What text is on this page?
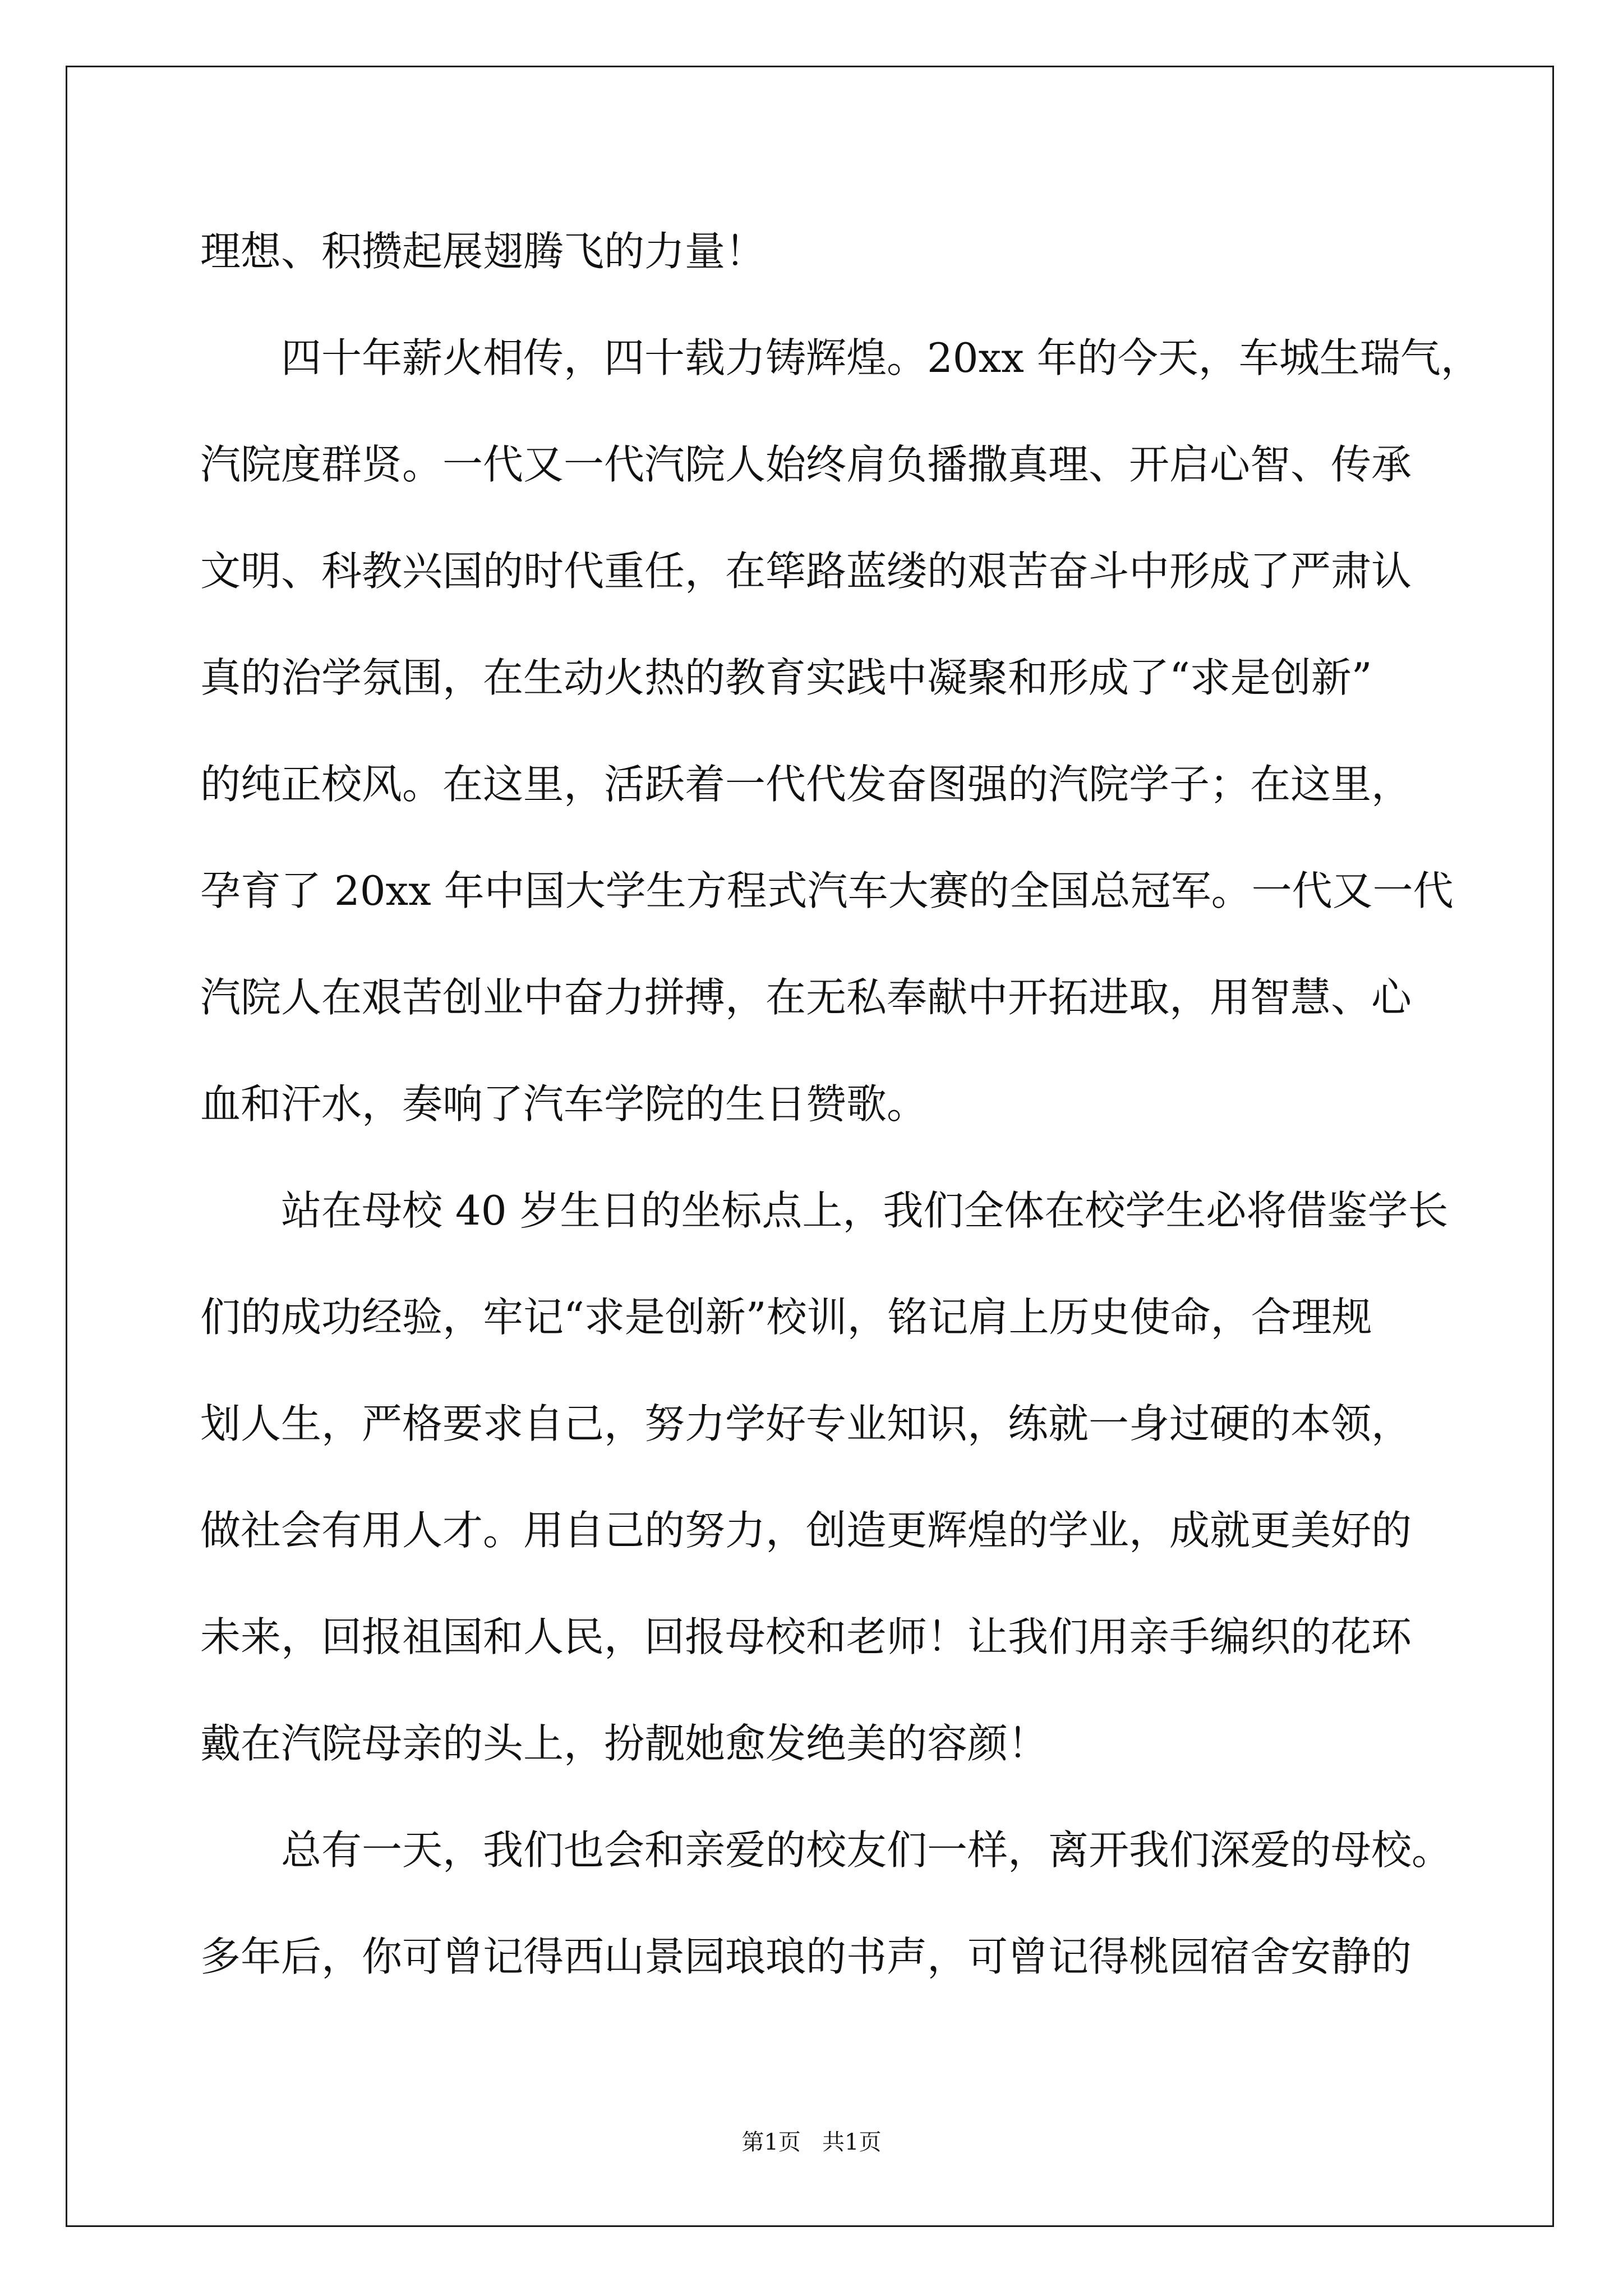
理想、积攒起展翅腾飞的力量！
四十年薪火相传，四十载力铸辉煌。20xx 年的今天，车城生瑞气，
汽院度群贤。一代又一代汽院人始终肩负播撒真理、开启心智、传承
文明、科教兴国的时代重任，在筚路蓝缕的艰苦奋斗中形成了严肃认
真的治学氛围，在生动火热的教育实践中凝聚和形成了“求是创新”
的纯正校风。在这里，活跃着一代代发奋图强的汽院学子；在这里，
孕育了 20xx 年中国大学生方程式汽车大赛的全国总冠军。一代又一代
汽院人在艰苦创业中奋力拼搏，在无私奉献中开拓进取，用智慧、心
血和汗水，奏响了汽车学院的生日赞歌。
站在母校 40 岁生日的坐标点上，我们全体在校学生必将借鉴学长
们的成功经验，牢记“求是创新”校训，铭记肩上历史使命，合理规
划人生，严格要求自己，努力学好专业知识，练就一身过硬的本领，
做社会有用人才。用自己的努力，创造更辉煌的学业，成就更美好的
未来，回报祖国和人民，回报母校和老师！让我们用亲手编织的花环
戴在汽院母亲的头上，扮靓她愈发绝美的容颜！
总有一天，我们也会和亲爱的校友们一样，离开我们深爱的母校。
多年后，你可曾记得西山景园琅琅的书声，可曾记得桃园宿舍安静的
第1页   共1页
